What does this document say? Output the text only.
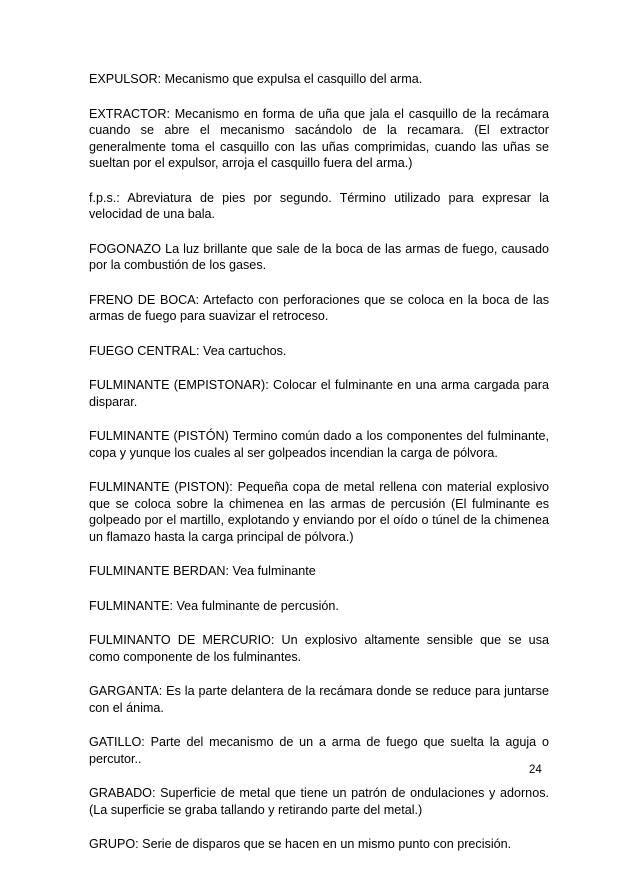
EXPULSOR: Mecanismo que expulsa el casquillo del arma.

EXTRACTOR: Mecanismo en forma de uña que jala el casquillo de la recámara cuando se abre el mecanismo sacándolo de la recamara. (El extractor generalmente toma el casquillo con las uñas comprimidas, cuando las uñas se sueltan por el expulsor, arroja el casquillo fuera del arma.)

f.p.s.: Abreviatura de pies por segundo. Término utilizado para expresar la velocidad de una bala.

FOGONAZO La luz brillante que sale de la boca de las armas de fuego, causado por la combustión de los gases.

FRENO DE BOCA: Artefacto con perforaciones que se coloca en la boca de las armas de fuego para suavizar el retroceso.

FUEGO CENTRAL: Vea cartuchos.

FULMINANTE (EMPISTONAR): Colocar el fulminante en una arma cargada para disparar.

FULMINANTE (PISTÓN) Termino común dado a los componentes del fulminante, copa y yunque los cuales al ser golpeados incendian la carga de pólvora.

FULMINANTE (PISTON): Pequeña copa de metal rellena con material explosivo que se coloca sobre la chimenea en las armas de percusión (El fulminante es golpeado por el martillo, explotando y enviando por el oído o túnel de la chimenea un flamazo hasta la carga principal de pólvora.)

FULMINANTE BERDAN: Vea fulminante

FULMINANTE: Vea fulminante de percusión.

FULMINANTO DE MERCURIO: Un explosivo altamente sensible que se usa como componente de los fulminantes.

GARGANTA: Es la parte delantera de la recámara donde se reduce para juntarse con el ánima.

GATILLO: Parte del mecanismo de un a arma de fuego que suelta la aguja o percutor..

GRABADO: Superficie de metal que tiene un patrón de ondulaciones y adornos. (La superficie se graba tallando y retirando parte del metal.)

GRUPO: Serie de disparos que se hacen en un mismo punto con precisión.

24
